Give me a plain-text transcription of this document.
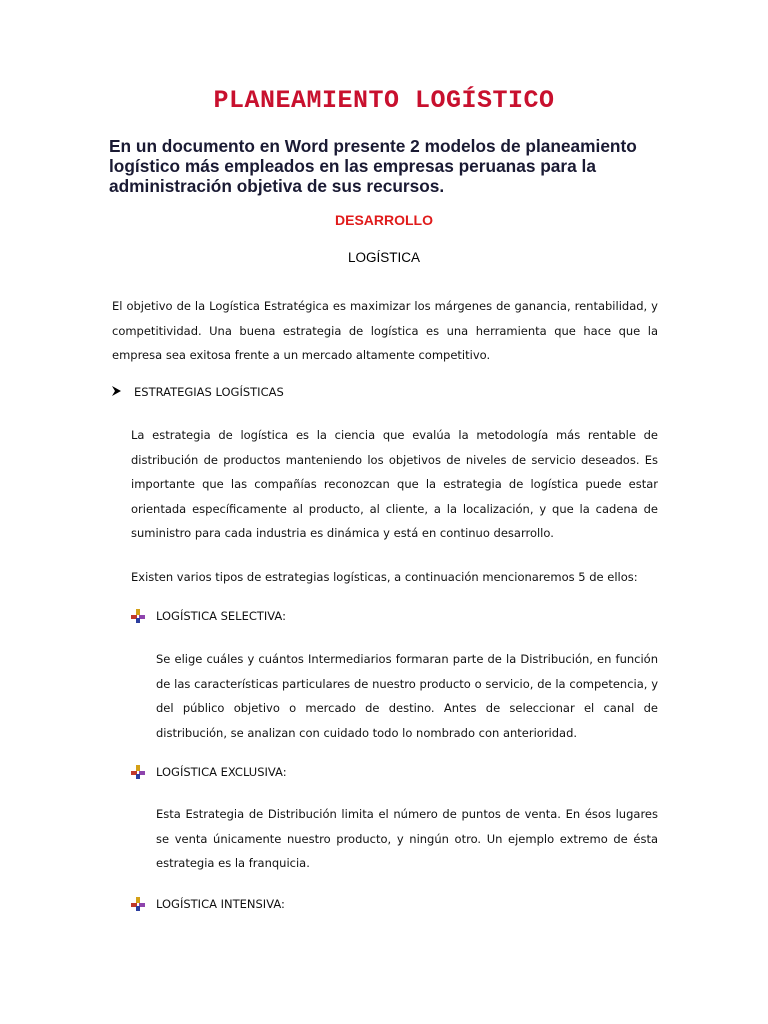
PLANEAMIENTO LOGÍSTICO
En un documento en Word presente 2 modelos de planeamiento logístico más empleados en las empresas peruanas para la administración objetiva de sus recursos.
DESARROLLO
LOGÍSTICA
El objetivo de la Logística Estratégica es maximizar los márgenes de ganancia, rentabilidad, y competitividad. Una buena estrategia de logística es una herramienta que hace que la empresa sea exitosa frente a un mercado altamente competitivo.
ESTRATEGIAS LOGÍSTICAS
La estrategia de logística es la ciencia que evalúa la metodología más rentable de distribución de productos manteniendo los objetivos de niveles de servicio deseados. Es importante que las compañías reconozcan que la estrategia de logística puede estar orientada específicamente al producto, al cliente, a la localización, y que la cadena de suministro para cada industria es dinámica y está en continuo desarrollo.
Existen varios tipos de estrategias logísticas, a continuación mencionaremos 5 de ellos:
LOGÍSTICA SELECTIVA:
Se elige cuáles y cuántos Intermediarios formaran parte de la Distribución, en función de las características particulares de nuestro producto o servicio, de la competencia, y del público objetivo o mercado de destino. Antes de seleccionar el canal de distribución, se analizan con cuidado todo lo nombrado con anterioridad.
LOGÍSTICA EXCLUSIVA:
Esta Estrategia de Distribución limita el número de puntos de venta. En ésos lugares se venta únicamente nuestro producto, y ningún otro. Un ejemplo extremo de ésta estrategia es la franquicia.
LOGÍSTICA INTENSIVA:
